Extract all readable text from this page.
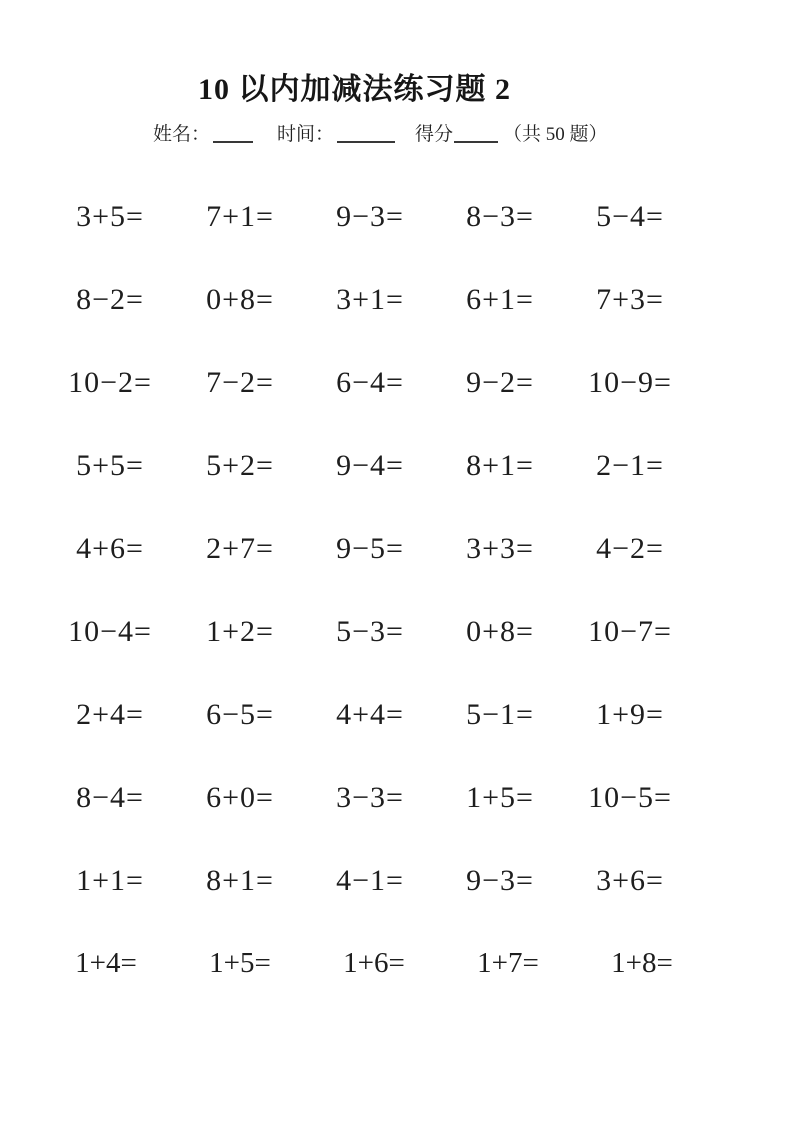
10 以内加减法练习题 2
姓名：	时间：	得分	（共 50 题）
3+5=	7+1=	9−3=	8−3=	5−4=
8−2=	0+8=	3+1=	6+1=	7+3=
10−2=	7−2=	6−4=	9−2=	10−9=
5+5=	5+2=	9−4=	8+1=	2−1=
4+6=	2+7=	9−5=	3+3=	4−2=
10−4=	1+2=	5−3=	0+8=	10−7=
2+4=	6−5=	4+4=	5−1=	1+9=
8−4=	6+0=	3−3=	1+5=	10−5=
1+1=	8+1=	4−1=	9−3=	3+6=
1+4=	1+5=	1+6=	1+7=	1+8=
